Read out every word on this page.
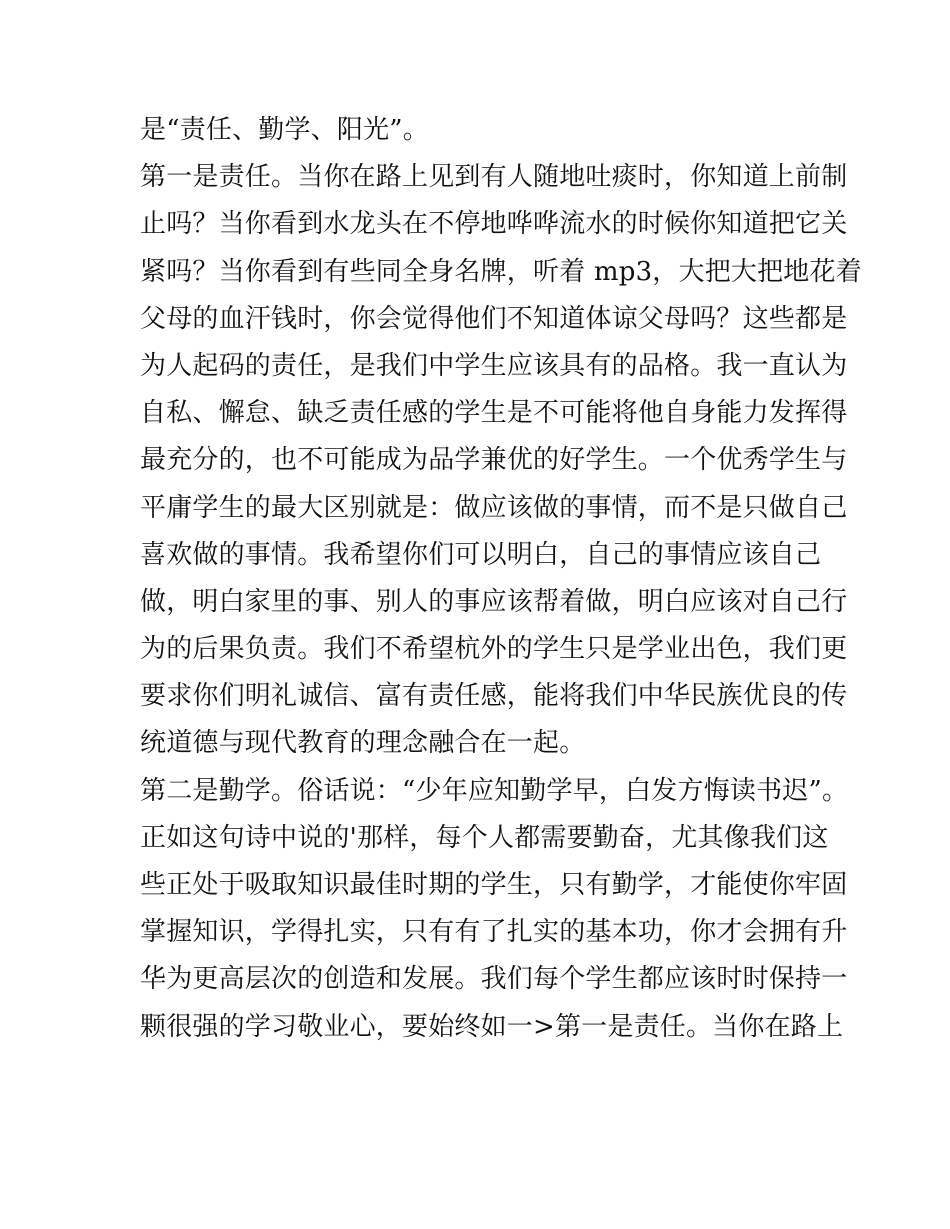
是“责任、勤学、阳光”。
第一是责任。当你在路上见到有人随地吐痰时，你知道上前制
止吗？当你看到水龙头在不停地哗哗流水的时候你知道把它关
紧吗？当你看到有些同全身名牌，听着 mp3，大把大把地花着
父母的血汗钱时，你会觉得他们不知道体谅父母吗？这些都是
为人起码的责任，是我们中学生应该具有的品格。我一直认为
自私、懈怠、缺乏责任感的学生是不可能将他自身能力发挥得
最充分的，也不可能成为品学兼优的好学生。一个优秀学生与
平庸学生的最大区别就是：做应该做的事情，而不是只做自己
喜欢做的事情。我希望你们可以明白，自己的事情应该自己
做，明白家里的事、别人的事应该帮着做，明白应该对自己行
为的后果负责。我们不希望杭外的学生只是学业出色，我们更
要求你们明礼诚信、富有责任感，能将我们中华民族优良的传
统道德与现代教育的理念融合在一起。
第二是勤学。俗话说：“少年应知勤学早，白发方悔读书迟”。
正如这句诗中说的'那样，每个人都需要勤奋，尤其像我们这
些正处于吸取知识最佳时期的学生，只有勤学，才能使你牢固
掌握知识，学得扎实，只有有了扎实的基本功，你才会拥有升
华为更高层次的创造和发展。我们每个学生都应该时时保持一
颗很强的学习敬业心，要始终如一>第一是责任。当你在路上
